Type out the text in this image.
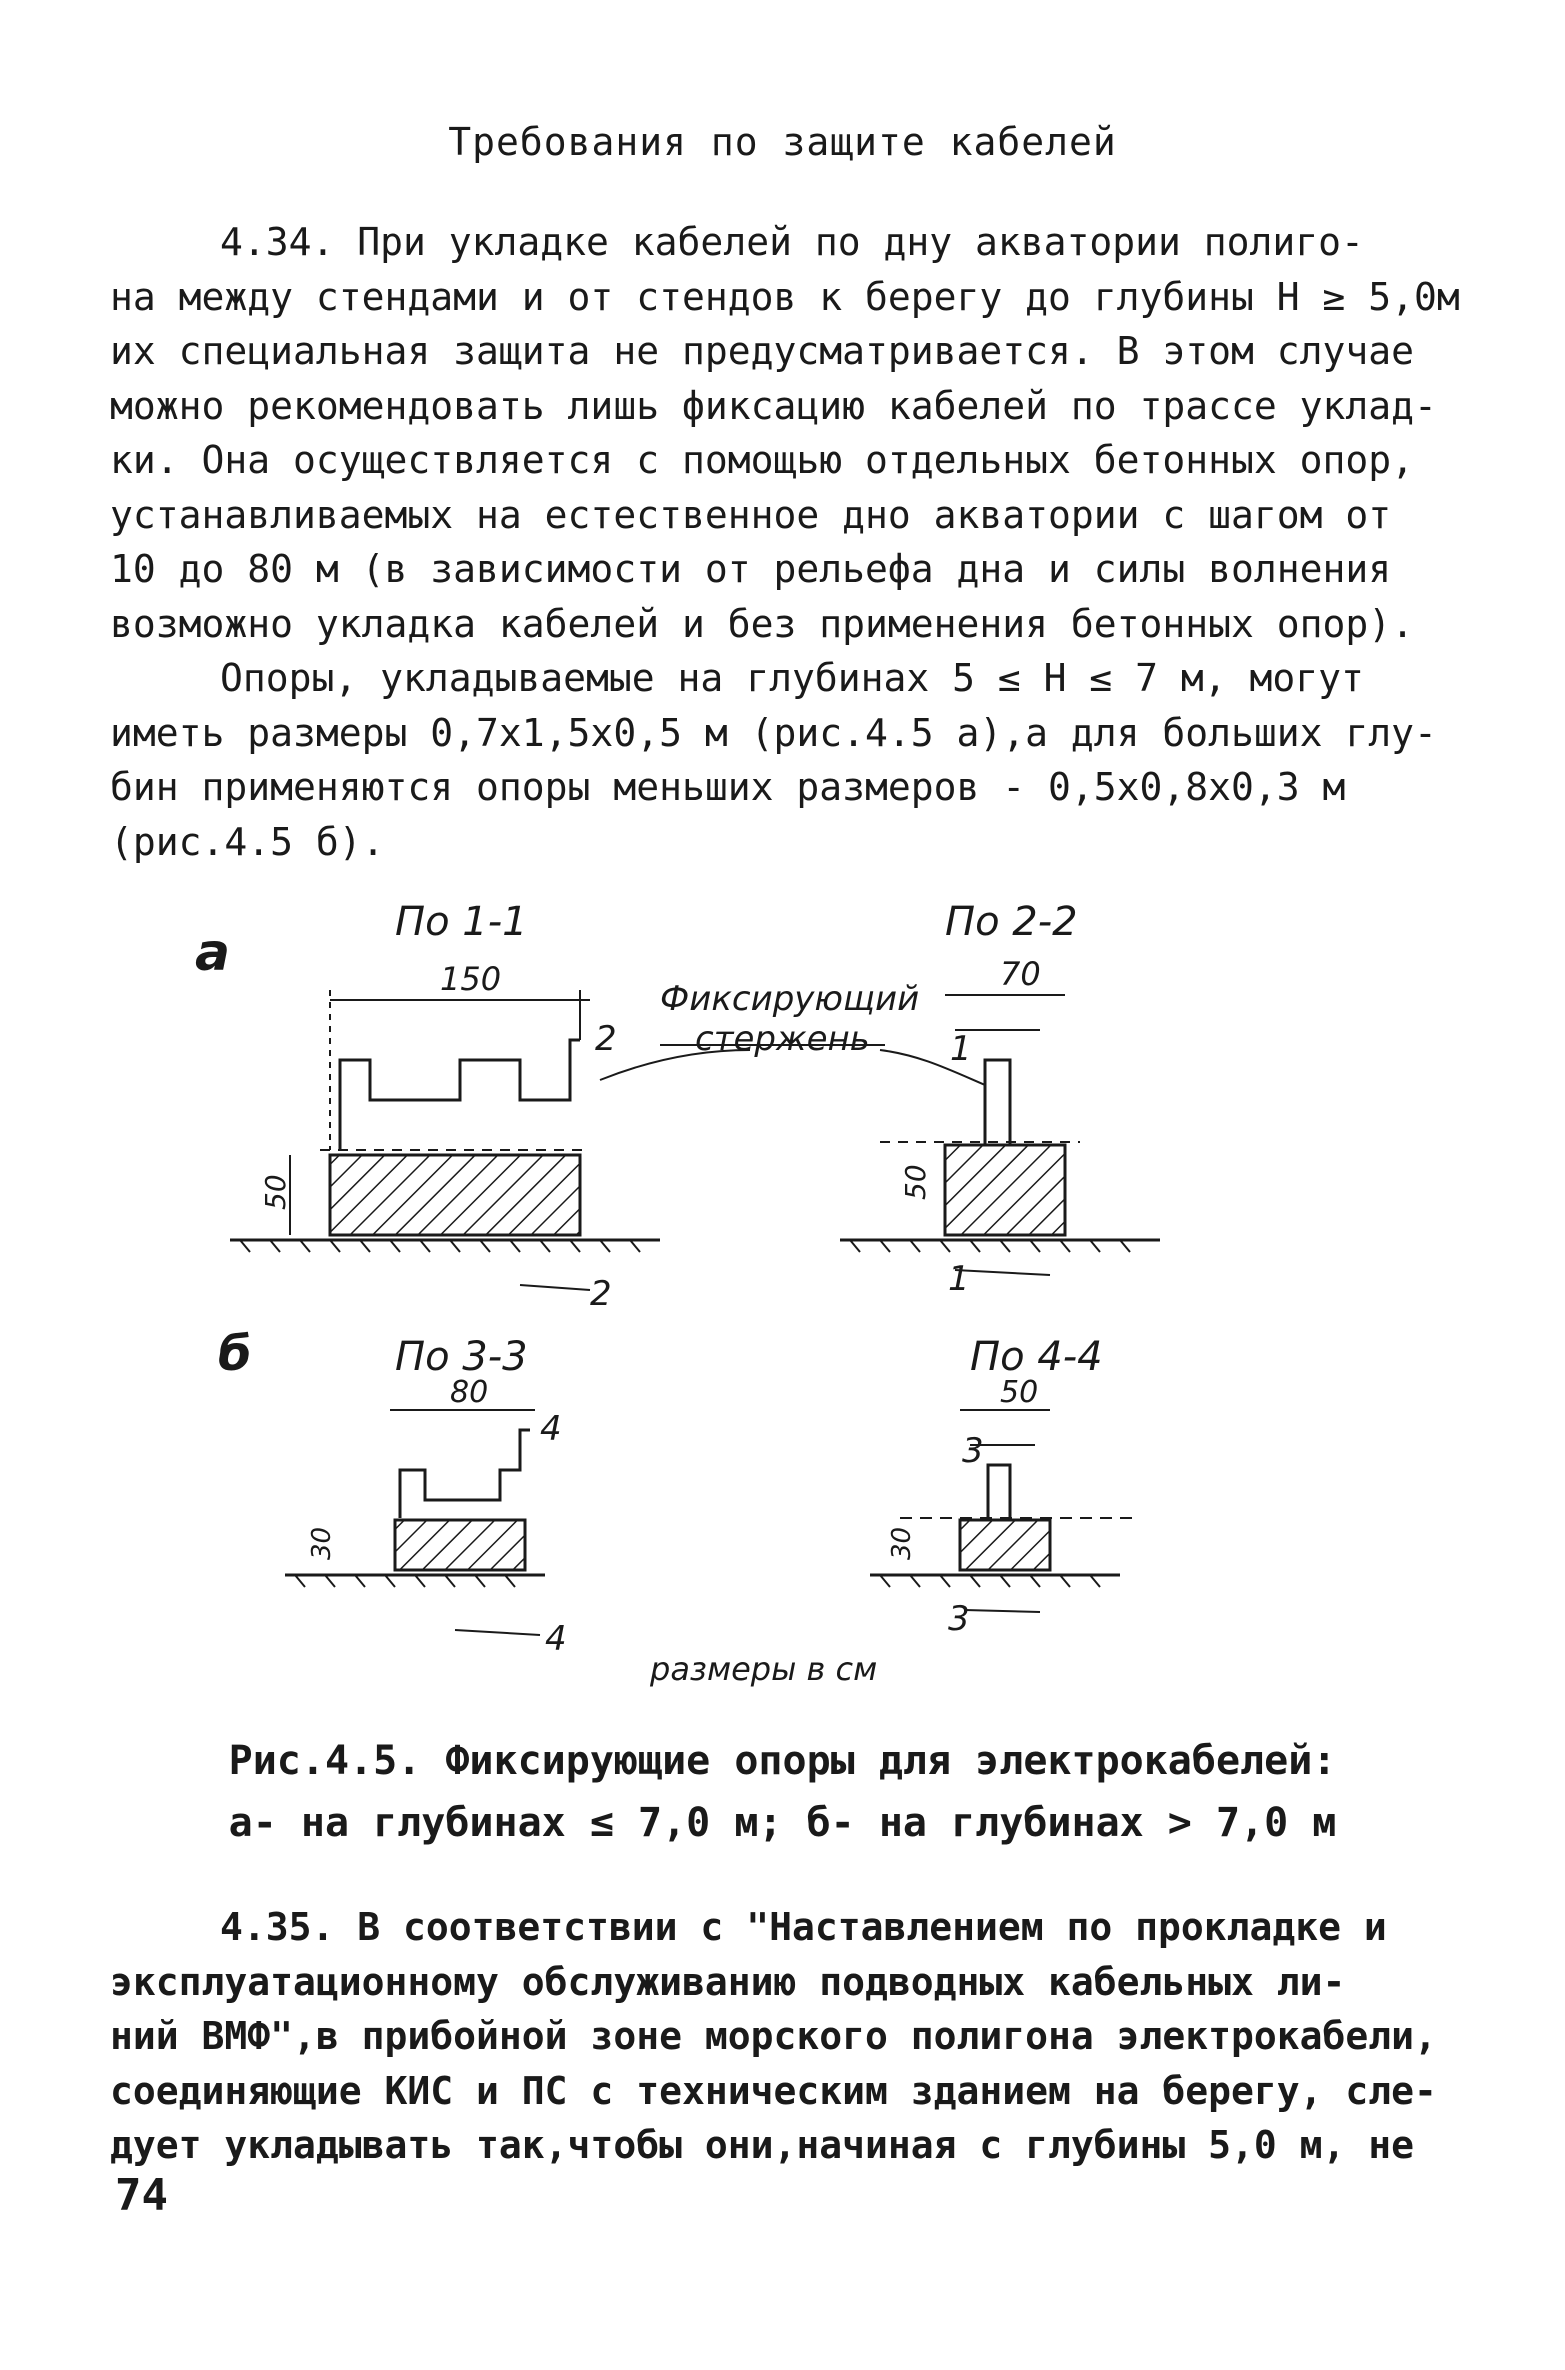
Требования по защите кабелей
4.34. При укладке кабелей по дну акватории полиго-
на между стендами и от стендов к берегу до глубины H ≥ 5,0м
их специальная защита не предусматривается. В этом случае
можно рекомендовать лишь фиксацию кабелей по трассе уклад-
ки. Она осуществляется с помощью отдельных бетонных опор,
устанавливаемых на естественное дно акватории с шагом от
10 до 80 м (в зависимости от рельефа дна и силы волнения
возможно укладка кабелей и без применения бетонных опор).
Опоры, укладываемые на глубинах 5 ≤ H ≤ 7 м, могут
иметь размеры 0,7х1,5х0,5 м (рис.4.5 а),а для больших глу-
бин применяются опоры меньших размеров - 0,5х0,8х0,3 м
(рис.4.5 б).
а
По 1-1	По 2-2
150
2
50
2
Фиксирующий
стержень
70
1
50
1
б	По 3-3	По 4-4
80
4
30
4
50
3
30
3
размеры в см
Рис.4.5. Фиксирующие опоры для электрокабелей:
а- на глубинах ≤ 7,0 м; б- на глубинах > 7,0 м
4.35. В соответствии с "Наставлением по прокладке и
эксплуатационному обслуживанию подводных кабельных ли-
ний ВМФ",в прибойной зоне морского полигона электрокабели,
соединяющие КИС и ПС с техническим зданием на берегу, сле-
дует укладывать так,чтобы они,начиная с глубины 5,0 м, не
74
